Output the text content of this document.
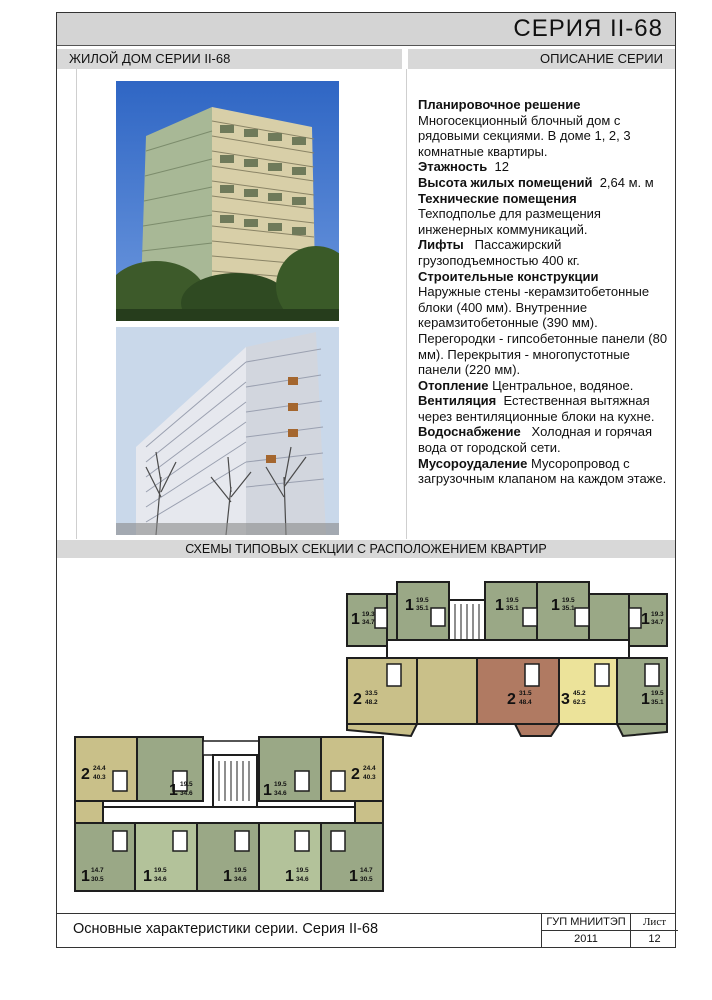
СЕРИЯ II-68
ЖИЛОЙ ДОМ СЕРИИ II-68	ОПИСАНИЕ СЕРИИ
Планировочное решение
Многосекционный блочный дом с рядовыми секциями. В доме 1, 2, 3 комнатные квартиры.
Этажность 12
Высота жилых помещений 2,64 м. м
Технические помещения
Техподполье для размещения инженерных коммуникаций.
Лифты Пассажирский грузоподъемностью 400 кг.
Строительные конструкции
Наружные стены -керамзитобетонные блоки (400 мм). Внутренние керамзитобетонные (390 мм). Перегородки - гипсобетонные панели (80 мм). Перекрытия - многопустотные панели (220 мм).
Отопление Центральное, водяное.
Вентиляция Естественная вытяжная через вентиляционные блоки на кухне.
Водоснабжение Холодная и горячая вода от городской сети.
Мусороудаление Мусоропровод с загрузочным клапаном на каждом этаже.
СХЕМЫ ТИПОВЫХ СЕКЦИИ С РАСПОЛОЖЕНИЕМ КВАРТИР
1 19.3
34.7
1 19.5
35.1	1 19.5
35.1 1 19.5
35.1
1 19.3
34.7
2 33.5
48.2	2 31.5
48.4 3 45.2
62.5	1 19.5
35.1
2 24.4
40.3
1 19.5
34.6	1 19.5
34.6
2 24.4
40.3
1 14.7
30.5 1 19.5
34.6	1 19.5
34.6 1 19.5
34.6	1 14.7
30.5
Основные характеристики серии. Серия II-68	ГУП МНИИТЭП
2011
Лист
12
